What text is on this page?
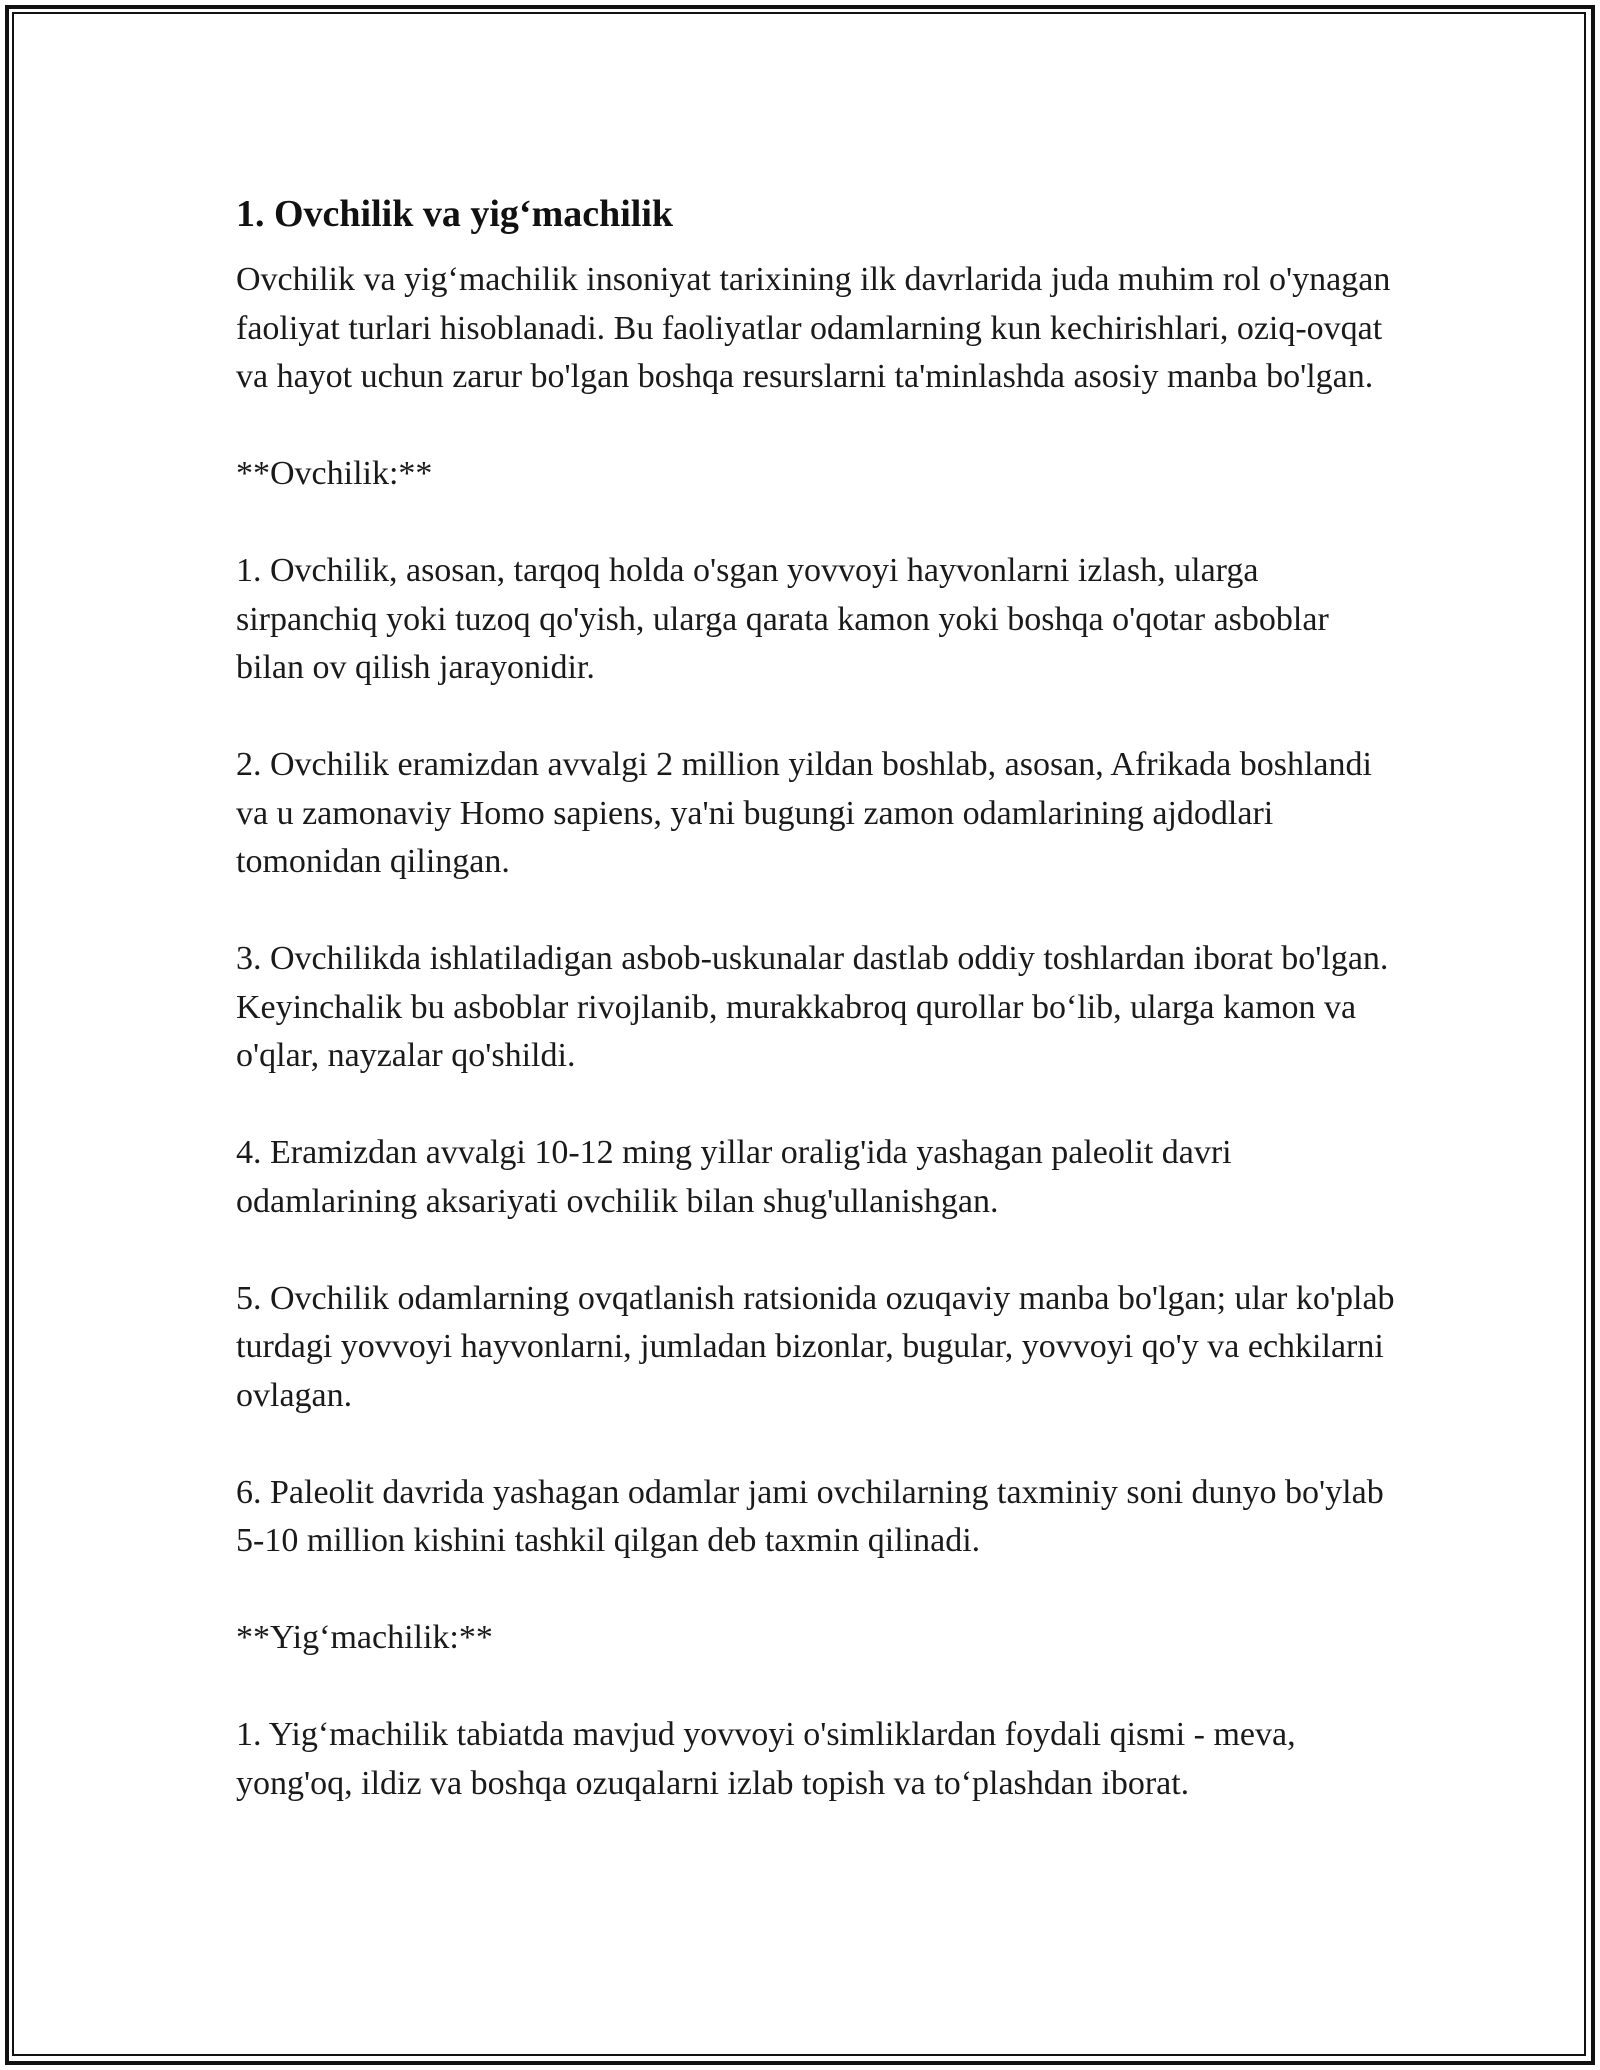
1. Ovchilik va yig‘machilik

Ovchilik va yig‘machilik insoniyat tarixining ilk davrlarida juda muhim rol o'ynagan faoliyat turlari hisoblanadi. Bu faoliyatlar odamlarning kun kechirishlari, oziq-ovqat va hayot uchun zarur bo'lgan boshqa resurslarni ta'minlashda asosiy manba bo'lgan.

**Ovchilik:**

1. Ovchilik, asosan, tarqoq holda o'sgan yovvoyi hayvonlarni izlash, ularga sirpanchiq yoki tuzoq qo'yish, ularga qarata kamon yoki boshqa o'qotar asboblar bilan ov qilish jarayonidir.

2. Ovchilik eramizdan avvalgi 2 million yildan boshlab, asosan, Afrikada boshlandi va u zamonaviy Homo sapiens, ya'ni bugungi zamon odamlarining ajdodlari tomonidan qilingan.

3. Ovchilikda ishlatiladigan asbob-uskunalar dastlab oddiy toshlardan iborat bo'lgan. Keyinchalik bu asboblar rivojlanib, murakkabroq qurollar bo‘lib, ularga kamon va o'qlar, nayzalar qo'shildi.

4. Eramizdan avvalgi 10-12 ming yillar oralig'ida yashagan paleolit davri odamlarining aksariyati ovchilik bilan shug'ullanishgan.

5. Ovchilik odamlarning ovqatlanish ratsionida ozuqaviy manba bo'lgan; ular ko'plab turdagi yovvoyi hayvonlarni, jumladan bizonlar, bugular, yovvoyi qo'y va echkilarni ovlagan.

6. Paleolit davrida yashagan odamlar jami ovchilarning taxminiy soni dunyo bo'ylab 5-10 million kishini tashkil qilgan deb taxmin qilinadi.

**Yig‘machilik:**

1. Yig‘machilik tabiatda mavjud yovvoyi o'simliklardan foydali qismi - meva, yong'oq, ildiz va boshqa ozuqalarni izlab topish va to‘plashdan iborat.
